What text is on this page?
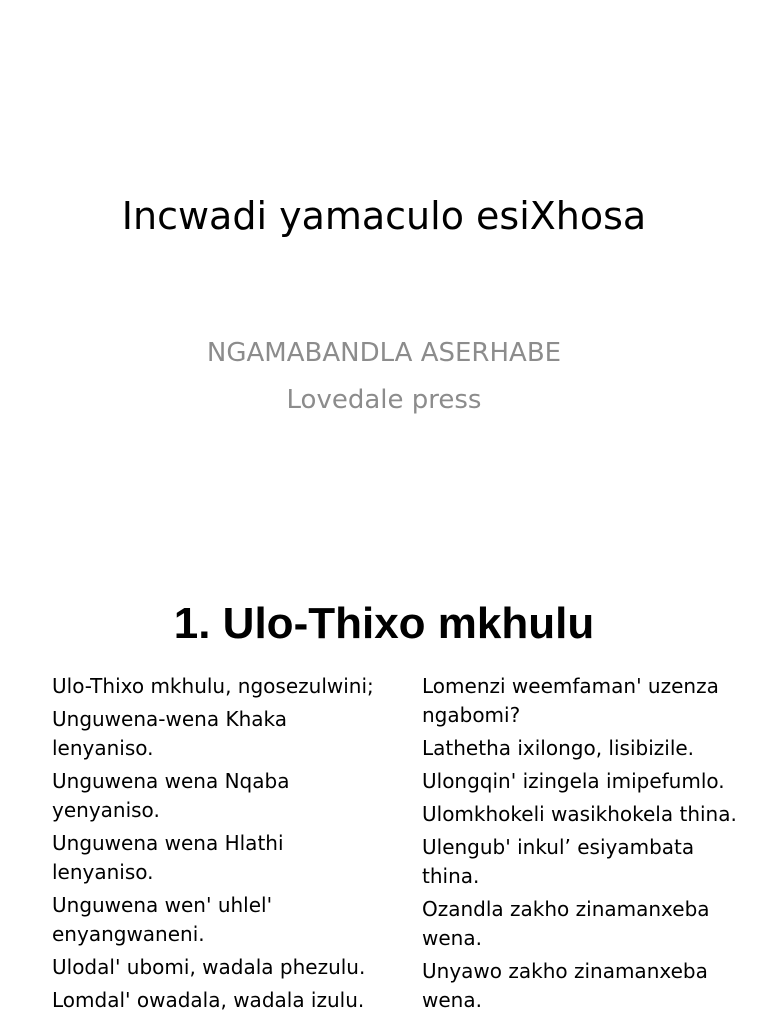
Incwadi yamaculo esiXhosa
NGAMABANDLA ASERHABE
Lovedale press
1. Ulo-Thixo mkhulu
Ulo-Thixo mkhulu, ngosezulwini;
Unguwena-wena Khaka lenyaniso.
Unguwena wena Nqaba yenyaniso.
Unguwena wena Hlathi lenyaniso.
Unguwena wen' uhlel' enyangwaneni.
Ulodal' ubomi, wadala phezulu.
Lomdal' owadala, wadala izulu.
Lomenzi weemfaman' uzenza ngabomi?
Lathetha ixilongo, lisibizile.
Ulongqin' izingela imipefumlo.
Ulomkhokeli wasikhokela thina.
Ulengub' inkul’ esiyambata thina.
Ozandla zakho zinamanxeba wena.
Unyawo zakho zinamanxeba wena.
